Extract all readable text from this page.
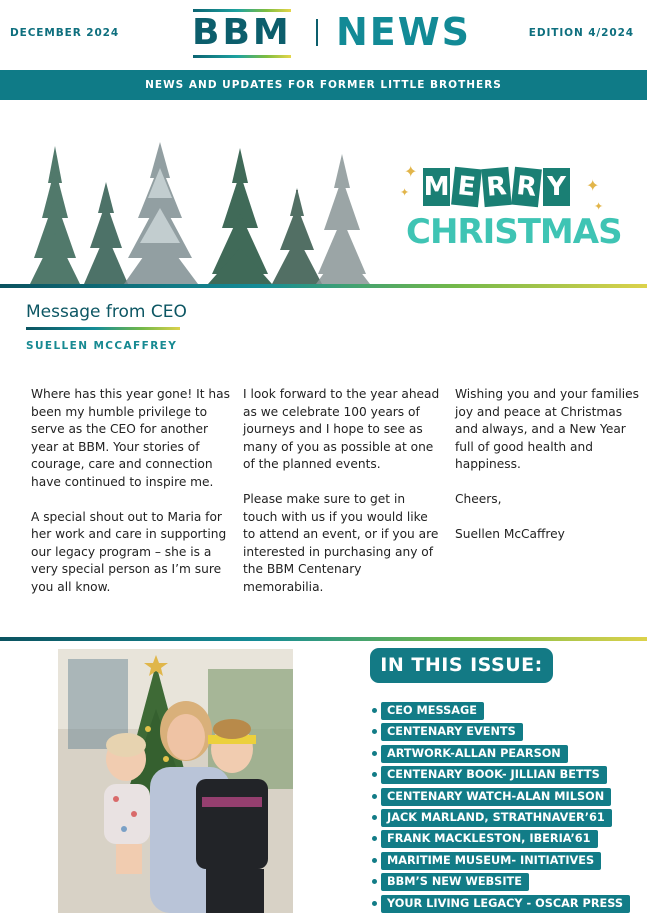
DECEMBER 2024 BBM NEWS	EDITION 4/2024
NEWS AND UPDATES FOR FORMER LITTLE BROTHERS
✦
✦	✦
✦
M E R R Y
CHRISTMAS
Message from CEO
SUELLEN MCCAFFREY

Where has this year gone! It has been my humble privilege to serve as the CEO for another year at BBM. Your stories of courage, care and connection have continued to inspire me.

A special shout out to Maria for her work and care in supporting our legacy program – she is a very special person as I’m sure you all know.

I look forward to the year ahead as we celebrate 100 years of journeys and I hope to see as many of you as possible at one of the planned events.

Please make sure to get in touch with us if you would like to attend an event, or if you are interested in purchasing any of the BBM Centenary memorabilia.

Wishing you and your families joy and peace at Christmas and always, and a New Year full of good health and happiness.

Cheers,

Suellen McCaffrey

IN THIS ISSUE:
CEO MESSAGE
CENTENARY EVENTS
ARTWORK-ALLAN PEARSON
CENTENARY BOOK- JILLIAN BETTS
CENTENARY WATCH-ALAN MILSON
JACK MARLAND, STRATHNAVER’61
FRANK MACKLESTON, IBERIA’61
MARITIME MUSEUM- INITIATIVES
BBM’S NEW WEBSITE
YOUR LIVING LEGACY - OSCAR PRESS
